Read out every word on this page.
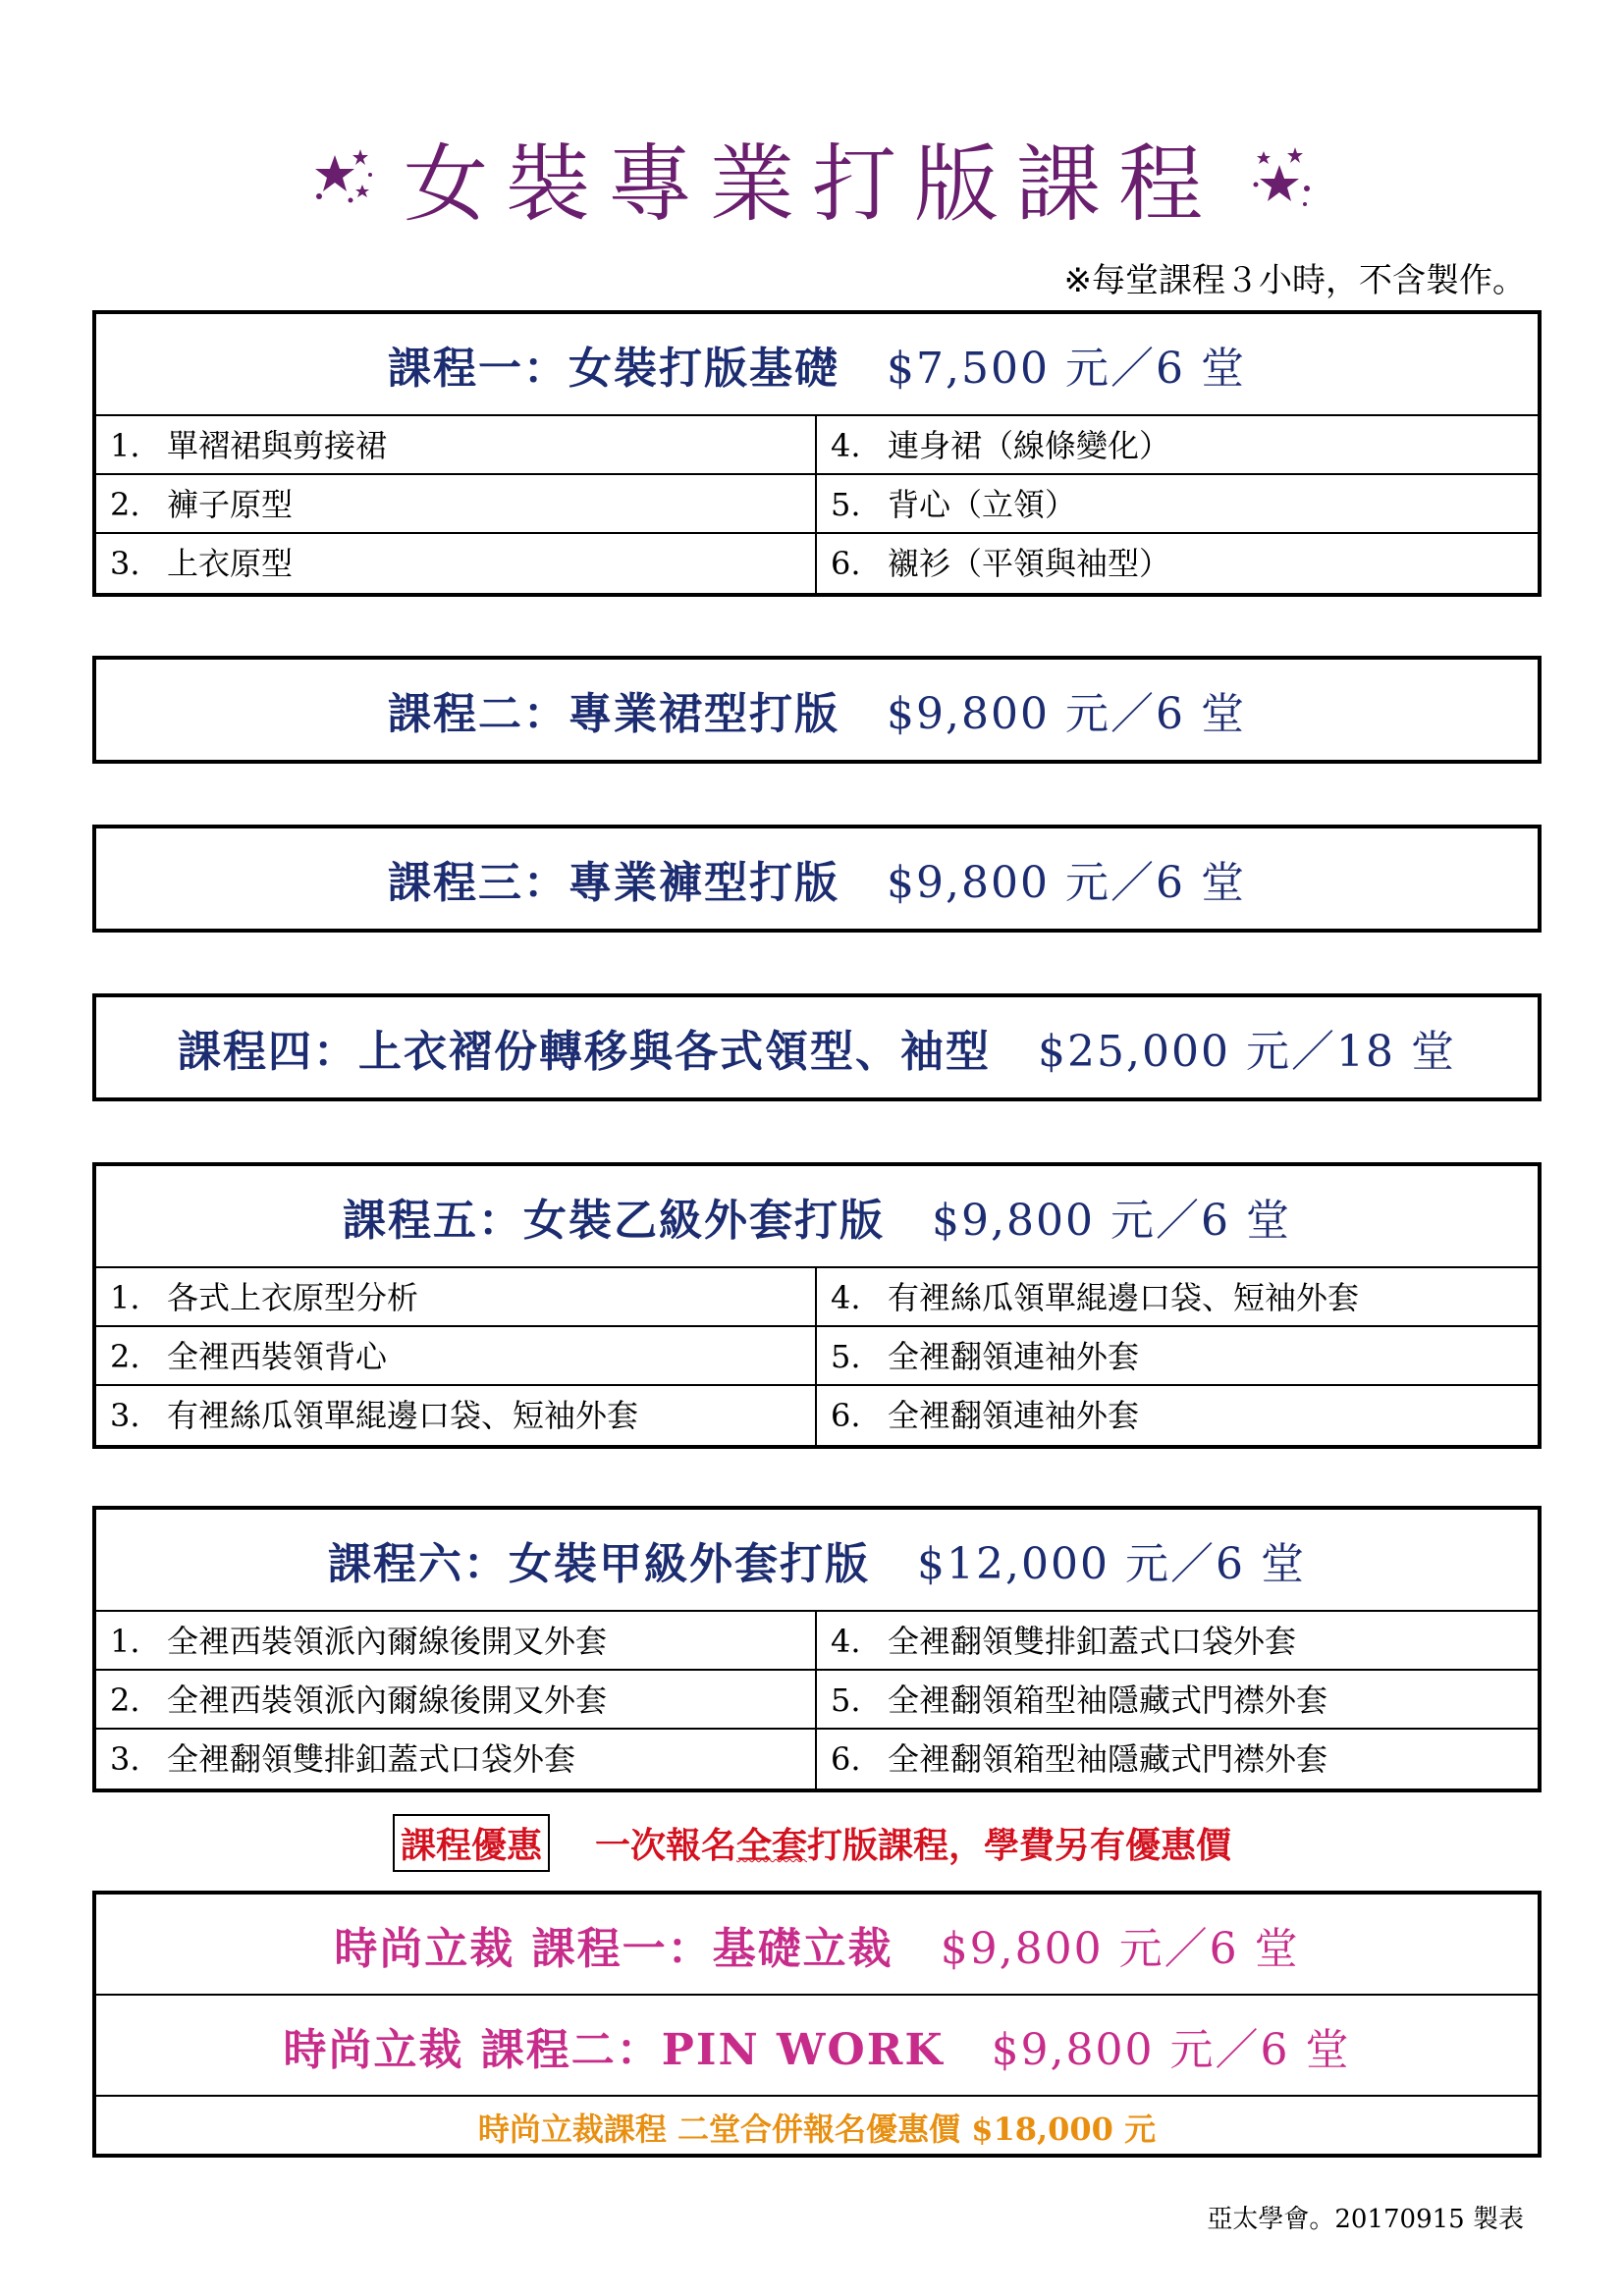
女裝專業打版課程
※每堂課程３小時，不含製作。
課程一：女裝打版基礎 $7,500 元／6 堂
1. 單褶裙與剪接裙	4. 連身裙（線條變化）
2. 褲子原型	5. 背心（立領）
3. 上衣原型	6. 襯衫（平領與袖型）
課程二：專業裙型打版 $9,800 元／6 堂
課程三：專業褲型打版 $9,800 元／6 堂
課程四：上衣褶份轉移與各式領型、袖型 $25,000 元／18 堂
課程五：女裝乙級外套打版 $9,800 元／6 堂
1. 各式上衣原型分析	4. 有裡絲瓜領單緄邊口袋、短袖外套
2. 全裡西裝領背心	5. 全裡翻領連袖外套
3. 有裡絲瓜領單緄邊口袋、短袖外套	6. 全裡翻領連袖外套
課程六：女裝甲級外套打版 $12,000 元／6 堂
1. 全裡西裝領派內爾線後開叉外套	4. 全裡翻領雙排釦蓋式口袋外套
2. 全裡西裝領派內爾線後開叉外套	5. 全裡翻領箱型袖隱藏式門襟外套
3. 全裡翻領雙排釦蓋式口袋外套	6. 全裡翻領箱型袖隱藏式門襟外套
課程優惠 一次報名全套打版課程，學費另有優惠價
時尚立裁 課程一：基礎立裁 $9,800 元／6 堂
時尚立裁 課程二：PIN WORK $9,800 元／6 堂
時尚立裁課程 二堂合併報名優惠價 $18,000 元
亞太學會。20170915 製表
